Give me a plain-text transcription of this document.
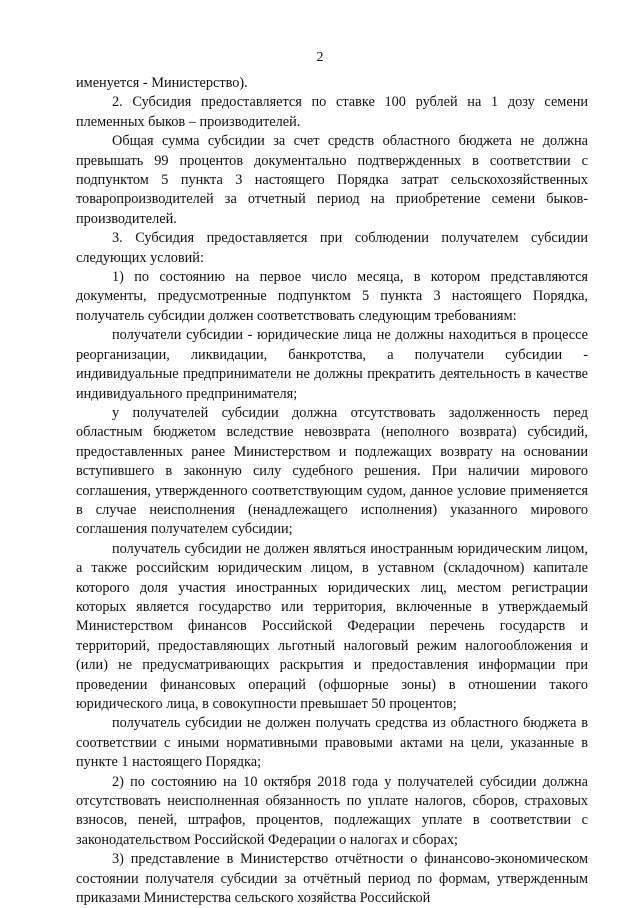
2

именуется - Министерство).

2. Субсидия предоставляется по ставке 100 рублей на 1 дозу семени племенных быков – производителей.

Общая сумма субсидии за счет средств областного бюджета не должна превышать 99 процентов документально подтвержденных в соответствии с подпунктом 5 пункта 3 настоящего Порядка затрат сельскохозяйственных товаропроизводителей за отчетный период на приобретение семени быков-производителей.

3. Субсидия предоставляется при соблюдении получателем субсидии следующих условий:

1) по состоянию на первое число месяца, в котором представляются документы, предусмотренные подпунктом 5 пункта 3 настоящего Порядка, получатель субсидии должен соответствовать следующим требованиям:

получатели субсидии - юридические лица не должны находиться в процессе реорганизации, ликвидации, банкротства, а получатели субсидии - индивидуальные предприниматели не должны прекратить деятельность в качестве индивидуального предпринимателя;

у получателей субсидии должна отсутствовать задолженность перед областным бюджетом вследствие невозврата (неполного возврата) субсидий, предоставленных ранее Министерством и подлежащих возврату на основании вступившего в законную силу судебного решения. При наличии мирового соглашения, утвержденного соответствующим судом, данное условие применяется в случае неисполнения (ненадлежащего исполнения) указанного мирового соглашения получателем субсидии;

получатель субсидии не должен являться иностранным юридическим лицом, а также российским юридическим лицом, в уставном (складочном) капитале которого доля участия иностранных юридических лиц, местом регистрации которых является государство или территория, включенные в утверждаемый Министерством финансов Российской Федерации перечень государств и территорий, предоставляющих льготный налоговый режим налогообложения и (или) не предусматривающих раскрытия и предоставления информации при проведении финансовых операций (офшорные зоны) в отношении такого юридического лица, в совокупности превышает 50 процентов;

получатель субсидии не должен получать средства из областного бюджета в соответствии с иными нормативными правовыми актами на цели, указанные в пункте 1 настоящего Порядка;

2) по состоянию на 10 октября 2018 года у получателей субсидии должна отсутствовать неисполненная обязанность по уплате налогов, сборов, страховых взносов, пеней, штрафов, процентов, подлежащих уплате в соответствии с законодательством Российской Федерации о налогах и сборах;

3) представление в Министерство отчётности о финансово-экономическом состоянии получателя субсидии за отчётный период по формам, утвержденным приказами Министерства сельского хозяйства Российской
